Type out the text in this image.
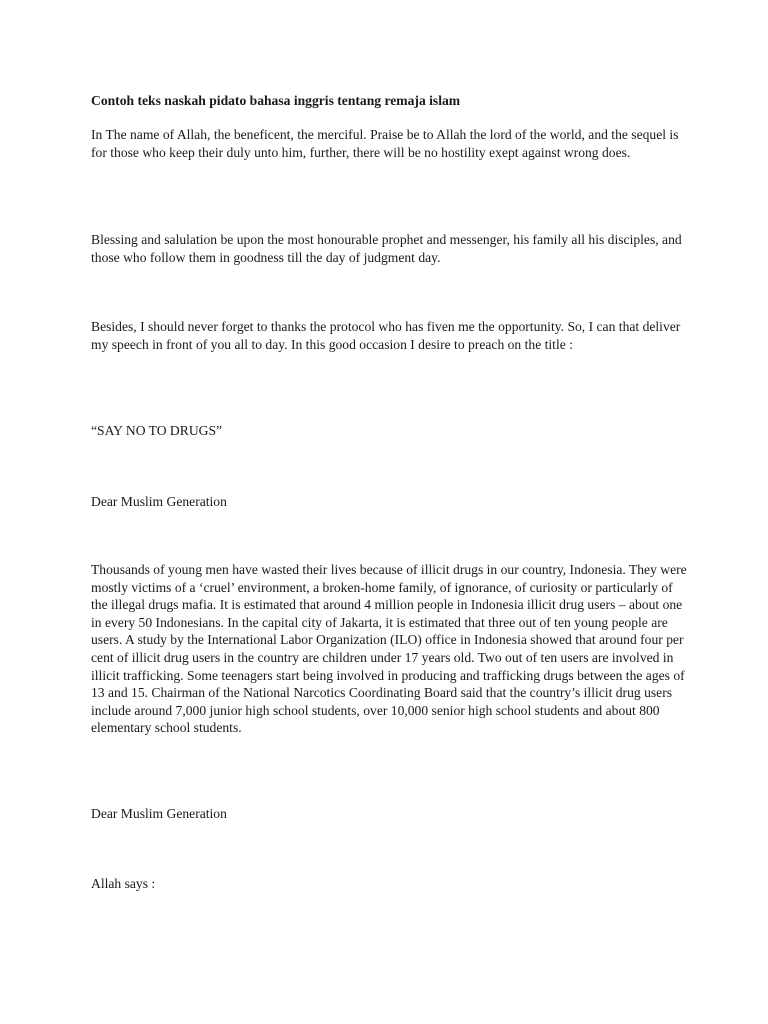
Contoh teks naskah pidato bahasa inggris tentang remaja islam

In The name of Allah, the beneficent, the merciful. Praise be to Allah the lord of the world, and the sequel is for those who keep their duly unto him, further, there will be no hostility exept against wrong does.

Blessing and salulation be upon the most honourable prophet and messenger, his family all his disciples, and those who follow them in goodness till the day of judgment day.

Besides, I should never forget to thanks the protocol who has fiven me the opportunity. So, I can that deliver my speech in front of you all to day. In this good occasion I desire to preach on the title :

“SAY NO TO DRUGS”

Dear Muslim Generation

Thousands of young men have wasted their lives because of illicit drugs in our country, Indonesia. They were mostly victims of a ‘cruel’ environment, a broken-home family, of ignorance, of curiosity or particularly of the illegal drugs mafia. It is estimated that around 4 million people in Indonesia illicit drug users – about one in every 50 Indonesians. In the capital city of Jakarta, it is estimated that three out of ten young people are users. A study by the International Labor Organization (ILO) office in Indonesia showed that around four per cent of illicit drug users in the country are children under 17 years old. Two out of ten users are involved in illicit trafficking. Some teenagers start being involved in producing and trafficking drugs between the ages of 13 and 15. Chairman of the National Narcotics Coordinating Board said that the country’s illicit drug users include around 7,000 junior high school students, over 10,000 senior high school students and about 800 elementary school students.

Dear Muslim Generation

Allah says :
